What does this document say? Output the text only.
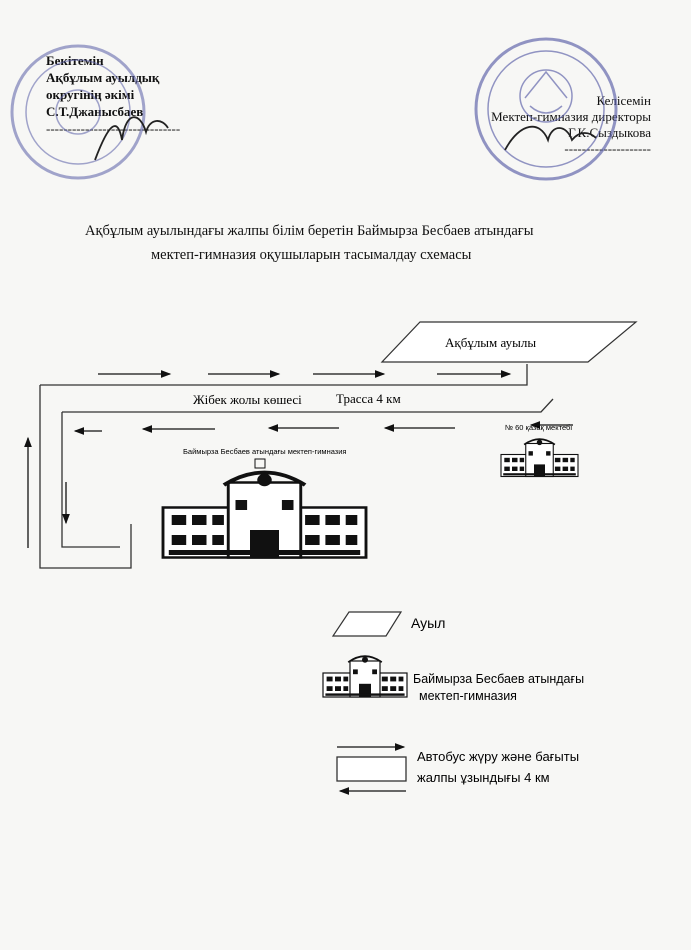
Бекітемін
Ақбұлым ауылдық
округінің әкімі
С.Т.Джаныcбаев
-------------------------------
Келісемін
Мектеп-гимназия директоры
Г.К.Сыздыкова
--------------------
Ақбұлым ауылындағы жалпы білім беретін Баймырза Бесбаев атындағы
мектеп-гимназия оқушыларын тасымалдау схемасы
Ақбұлым ауылы
Жібек жолы көшесі	Трасса 4 км
№ 60 қазақ мектебі
Баймырза Бесбаев атындағы мектеп-гимназия
Ауыл
Баймырза Бесбаев атындағы
мектеп-гимназия
Автобус жүру және бағыты
жалпы ұзындығы 4 км
